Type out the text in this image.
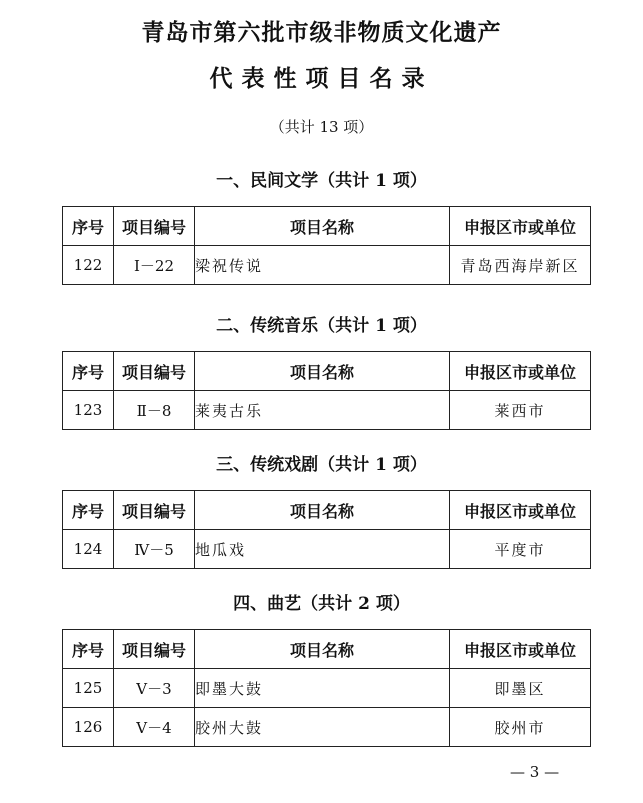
青岛市第六批市级非物质文化遗产
代表性项目名录
（共计 13 项）
一、民间文学（共计 1 项）
序号	项目编号	项目名称	申报区市或单位
122	Ⅰ－22	梁祝传说	青岛西海岸新区
二、传统音乐（共计 1 项）
序号	项目编号	项目名称	申报区市或单位
123	Ⅱ－8	莱夷古乐	莱西市
三、传统戏剧（共计 1 项）
序号	项目编号	项目名称	申报区市或单位
124	Ⅳ－5	地瓜戏	平度市
四、曲艺（共计 2 项）
序号	项目编号	项目名称	申报区市或单位
125	Ⅴ－3	即墨大鼓	即墨区
126	Ⅴ－4	胶州大鼓	胶州市
— 3 —
